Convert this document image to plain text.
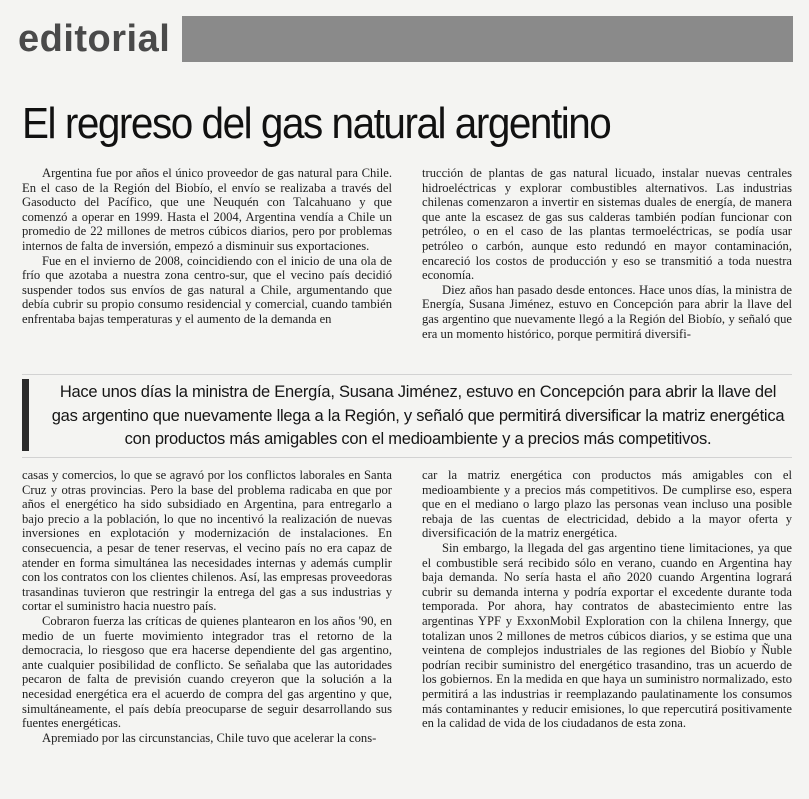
editorial
El regreso del gas natural argentino

Argentina fue por años el único proveedor de gas natural para Chile. En el caso de la Región del Biobío, el envío se realizaba a través del Gasoducto del Pacífico, que une Neuquén con Talcahuano y que comenzó a operar en 1999. Hasta el 2004, Argentina vendía a Chile un promedio de 22 millones de metros cúbicos diarios, pero por problemas internos de falta de inversión, empezó a disminuir sus exportaciones.

Fue en el invierno de 2008, coincidiendo con el inicio de una ola de frío que azotaba a nuestra zona centro-sur, que el vecino país decidió suspender todos sus envíos de gas natural a Chile, argumentando que debía cubrir su propio consumo residencial y comercial, cuando también enfrentaba bajas temperaturas y el aumento de la demanda en

trucción de plantas de gas natural licuado, instalar nuevas centrales hidroeléctricas y explorar combustibles alternativos. Las industrias chilenas comenzaron a invertir en sistemas duales de energía, de manera que ante la escasez de gas sus calderas también podían funcionar con petróleo, o en el caso de las plantas termoeléctricas, se podía usar petróleo o carbón, aunque esto redundó en mayor contaminación, encareció los costos de producción y eso se transmitió a toda nuestra economía.

Diez años han pasado desde entonces. Hace unos días, la ministra de Energía, Susana Jiménez, estuvo en Concepción para abrir la llave del gas argentino que nuevamente llegó a la Región del Biobío, y señaló que era un momento histórico, porque permitirá diversifi-

Hace unos días la ministra de Energía, Susana Jiménez, estuvo en Concepción para abrir la llave del gas argentino que nuevamente llega a la Región, y señaló que permitirá diversificar la matriz energética con productos más amigables con el medioambiente y a precios más competitivos.

casas y comercios, lo que se agravó por los conflictos laborales en Santa Cruz y otras provincias. Pero la base del problema radicaba en que por años el energético ha sido subsidiado en Argentina, para entregarlo a bajo precio a la población, lo que no incentivó la realización de nuevas inversiones en explotación y modernización de instalaciones. En consecuencia, a pesar de tener reservas, el vecino país no era capaz de atender en forma simultánea las necesidades internas y además cumplir con los contratos con los clientes chilenos. Así, las empresas proveedoras trasandinas tuvieron que restringir la entrega del gas a sus industrias y cortar el suministro hacia nuestro país.

Cobraron fuerza las críticas de quienes plantearon en los años '90, en medio de un fuerte movimiento integrador tras el retorno de la democracia, lo riesgoso que era hacerse dependiente del gas argentino, ante cualquier posibilidad de conflicto. Se señalaba que las autoridades pecaron de falta de previsión cuando creyeron que la solución a la necesidad energética era el acuerdo de compra del gas argentino y que, simultáneamente, el país debía preocuparse de seguir desarrollando sus fuentes energéticas.

Apremiado por las circunstancias, Chile tuvo que acelerar la cons-

car la matriz energética con productos más amigables con el medioambiente y a precios más competitivos. De cumplirse eso, espera que en el mediano o largo plazo las personas vean incluso una posible rebaja de las cuentas de electricidad, debido a la mayor oferta y diversificación de la matriz energética.

Sin embargo, la llegada del gas argentino tiene limitaciones, ya que el combustible será recibido sólo en verano, cuando en Argentina hay baja demanda. No sería hasta el año 2020 cuando Argentina logrará cubrir su demanda interna y podría exportar el excedente durante toda temporada. Por ahora, hay contratos de abastecimiento entre las argentinas YPF y ExxonMobil Exploration con la chilena Innergy, que totalizan unos 2 millones de metros cúbicos diarios, y se estima que una veintena de complejos industriales de las regiones del Biobío y Ñuble podrían recibir suministro del energético trasandino, tras un acuerdo de los gobiernos. En la medida en que haya un suministro normalizado, esto permitirá a las industrias ir reemplazando paulatinamente los consumos más contaminantes y reducir emisiones, lo que repercutirá positivamente en la calidad de vida de los ciudadanos de esta zona.
